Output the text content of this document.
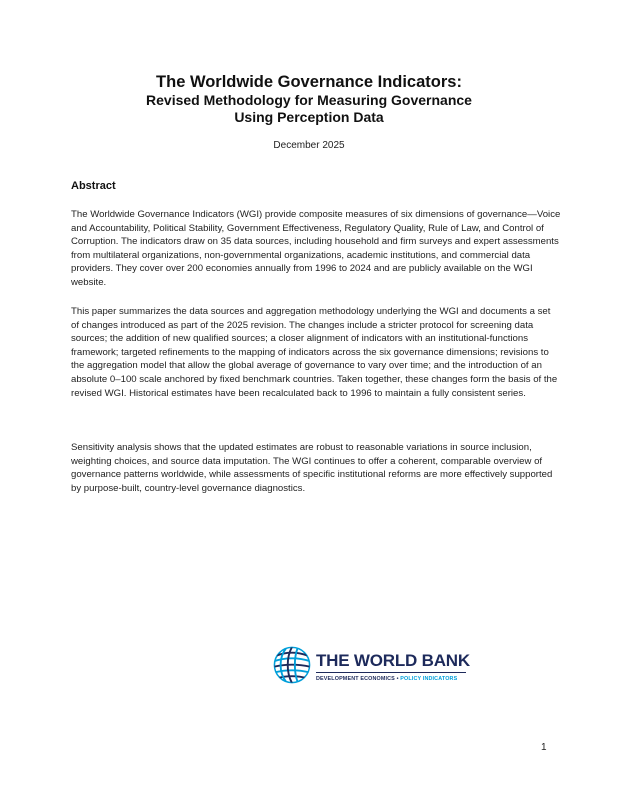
The Worldwide Governance Indicators:
Revised Methodology for Measuring Governance
Using Perception Data
December 2025
Abstract

The Worldwide Governance Indicators (WGI) provide composite measures of six dimensions of governance—Voice and Accountability, Political Stability, Government Effectiveness, Regulatory Quality, Rule of Law, and Control of Corruption. The indicators draw on 35 data sources, including household and firm surveys and expert assessments from multilateral organizations, non-governmental organizations, academic institutions, and commercial data providers. They cover over 200 economies annually from 1996 to 2024 and are publicly available on the WGI website.

This paper summarizes the data sources and aggregation methodology underlying the WGI and documents a set of changes introduced as part of the 2025 revision. The changes include a stricter protocol for screening data sources; the addition of new qualified sources; a closer alignment of indicators with an institutional-functions framework; targeted refinements to the mapping of indicators across the six governance dimensions; revisions to the aggregation model that allow the global average of governance to vary over time; and the introduction of an absolute 0–100 scale anchored by fixed benchmark countries. Taken together, these changes form the basis of the revised WGI. Historical estimates have been recalculated back to 1996 to maintain a fully consistent series.

Sensitivity analysis shows that the updated estimates are robust to reasonable variations in source inclusion, weighting choices, and source data imputation. The WGI continues to offer a coherent, comparable overview of governance patterns worldwide, while assessments of specific institutional reforms are more effectively supported by purpose-built, country-level governance diagnostics.

THE WORLD BANK
DEVELOPMENT ECONOMICS • POLICY INDICATORS
1
